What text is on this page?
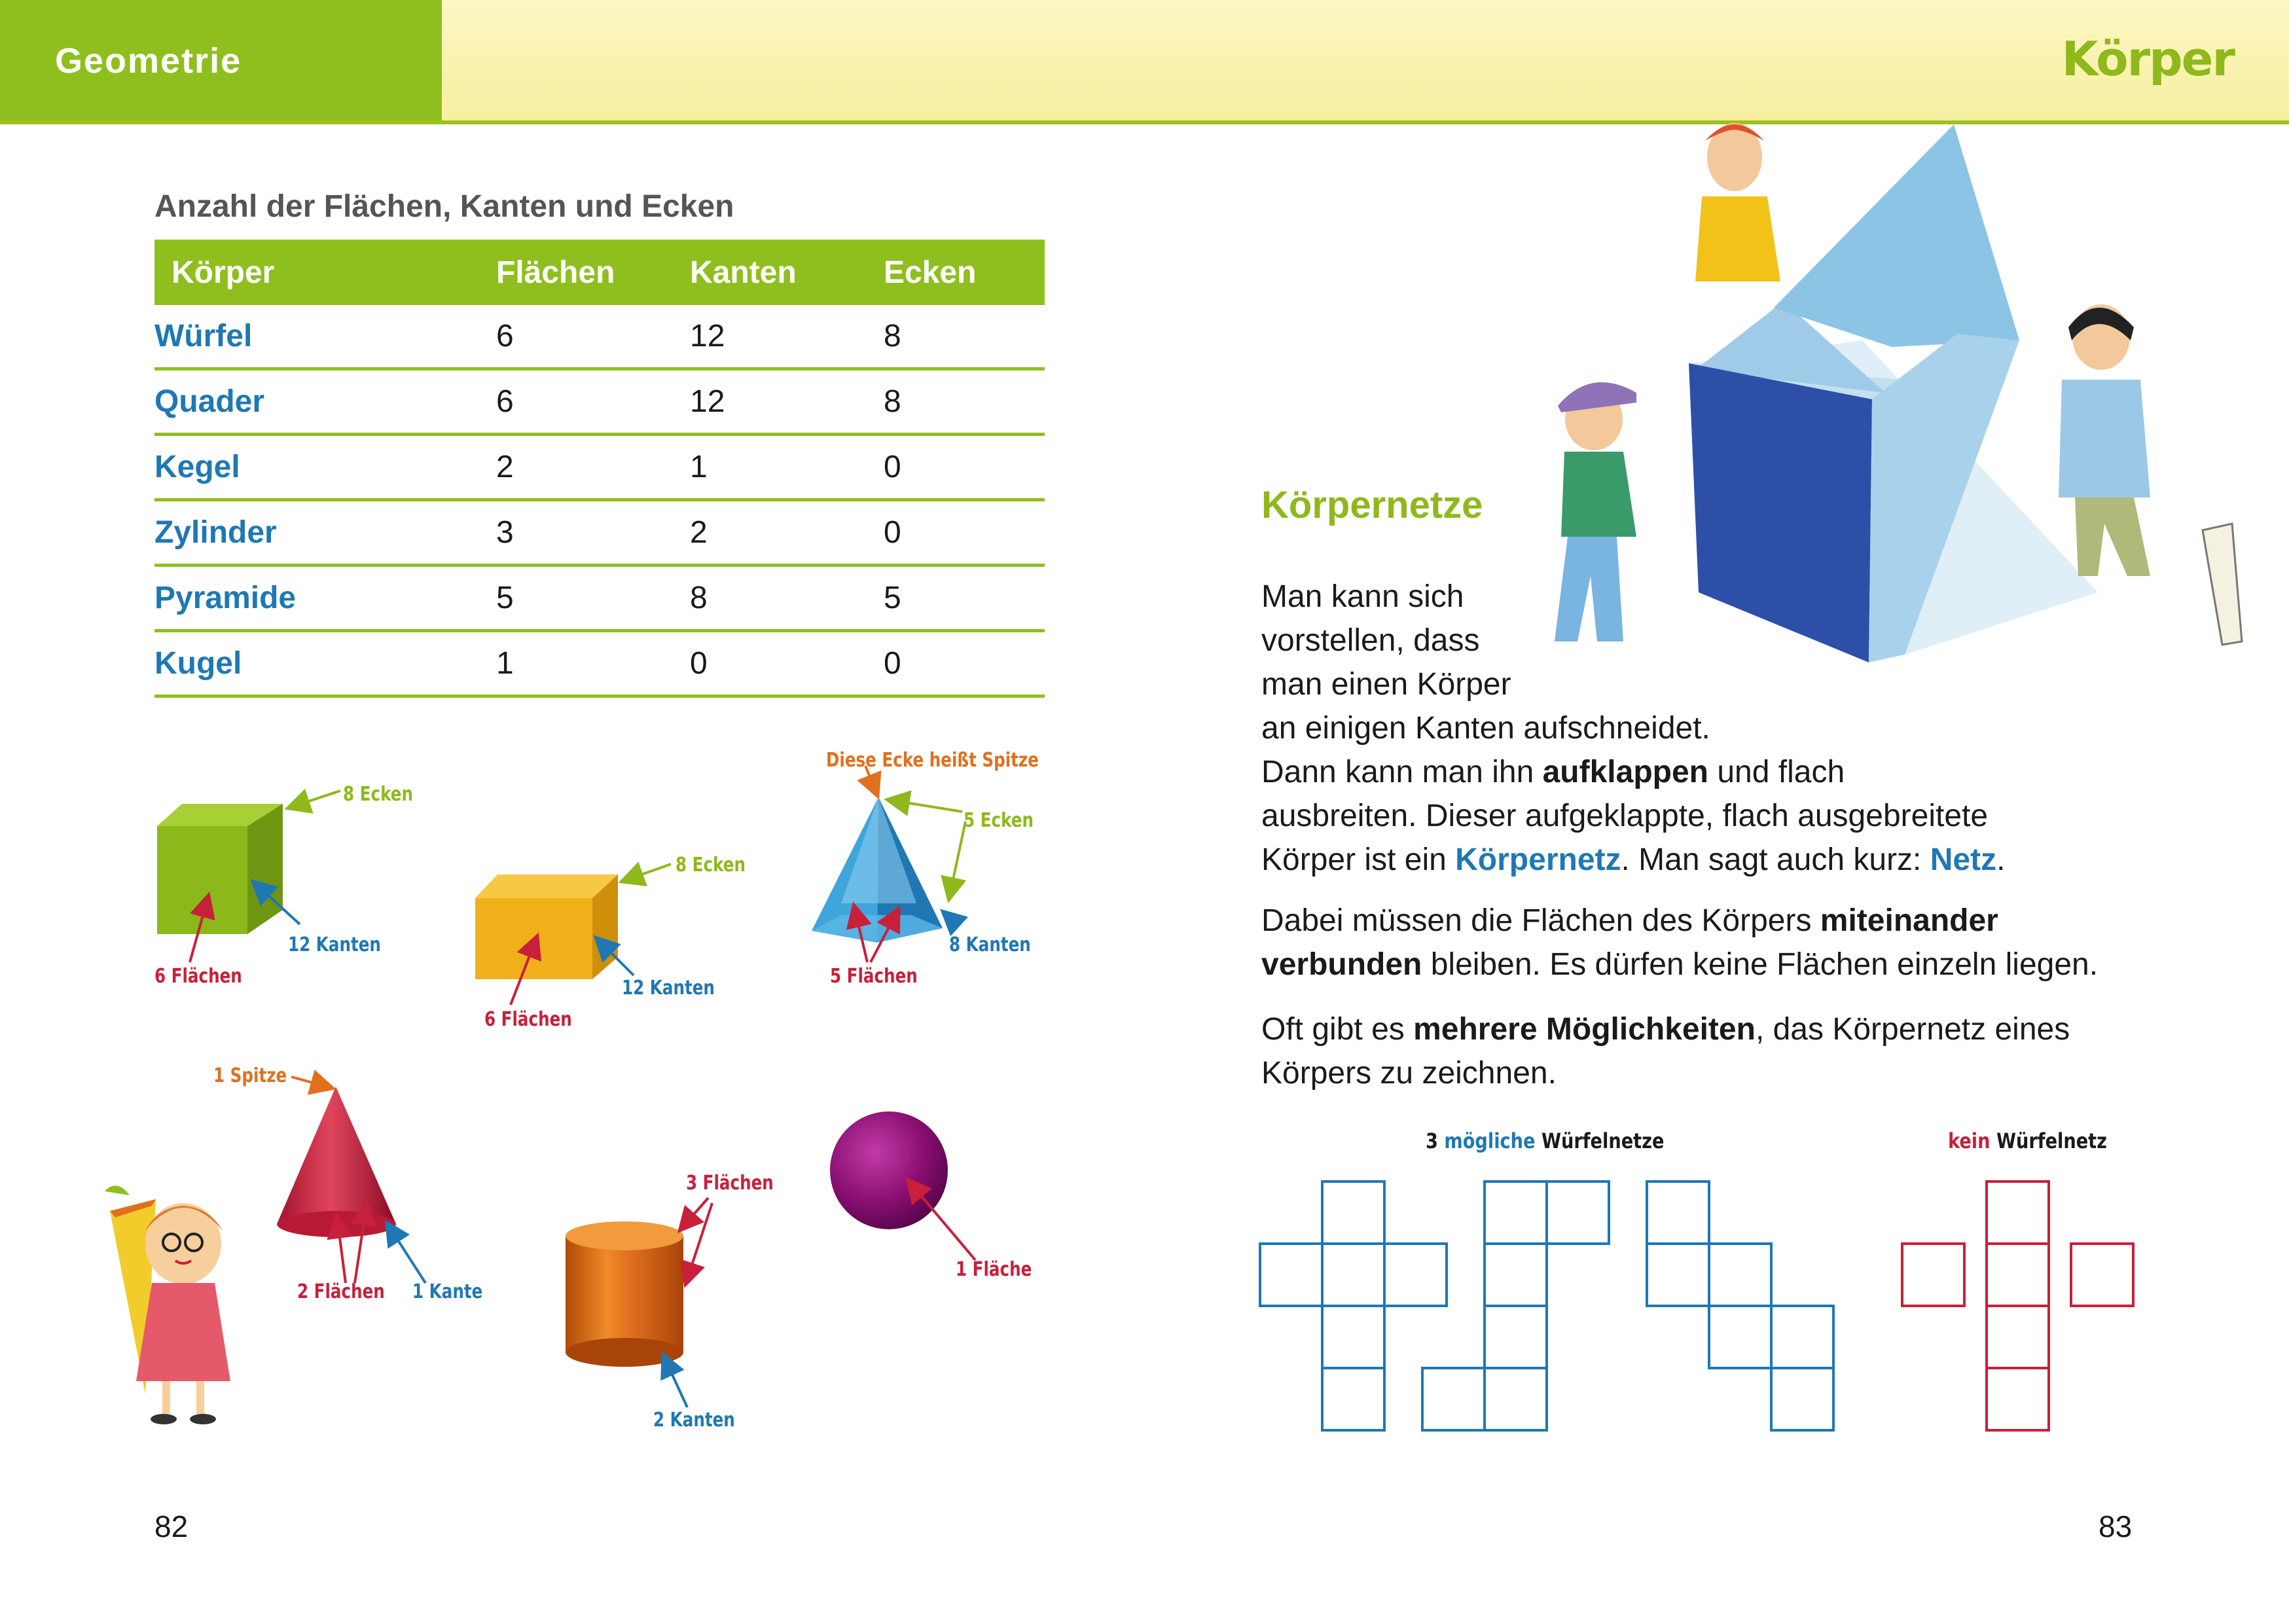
Geometrie	Körper
Anzahl der Flächen, Kanten und Ecken
Körper	Flächen	Kanten	Ecken
Würfel	6	12	8
Quader	6	12	8
Kegel	2	1	0
Zylinder	3	2	0
Pyramide	5	8	5
Kugel	1	0	0
8 Ecken
6 Flächen
12 Kanten
8 Ecken
6 Flächen
12 Kanten
Diese Ecke heißt Spitze
5 Ecken
5 Flächen
8 Kanten
1 Spitze
2 Flächen 1 Kante
3 Flächen
2 Kanten
1 Fläche
Körpernetze
Man kann sich
vorstellen, dass
man einen Körper
an einigen Kanten aufschneidet.
Dann kann man ihn aufklappen und flach
ausbreiten. Dieser aufgeklappte, flach ausgebreitete
Körper ist ein Körpernetz. Man sagt auch kurz: Netz.
Dabei müssen die Flächen des Körpers miteinander
verbunden bleiben. Es dürfen keine Flächen einzeln liegen.
Oft gibt es mehrere Möglichkeiten, das Körpernetz eines
Körpers zu zeichnen.
3 mögliche Würfelnetze	kein Würfelnetz
82	83
